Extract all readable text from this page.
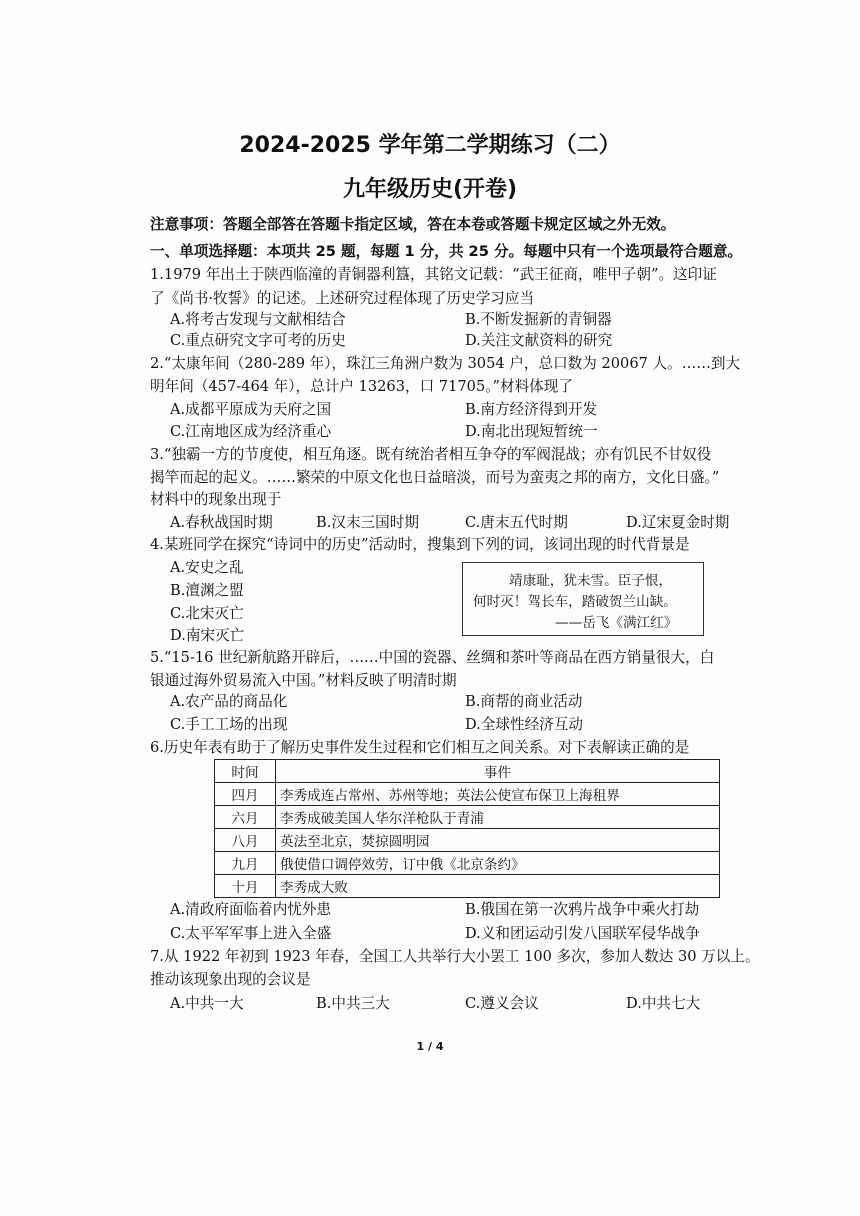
2024-2025 学年第二学期练习（二）
九年级历史(开卷)
注意事项：答题全部答在答题卡指定区域，答在本卷或答题卡规定区域之外无效。
一、单项选择题：本项共 25 题，每题 1 分，共 25 分。每题中只有一个选项最符合题意。
1.1979 年出土于陕西临潼的青铜器利簋，其铭文记载：“武王征商，唯甲子朝”。这印证
了《尚书·牧誓》的记述。上述研究过程体现了历史学习应当
A.将考古发现与文献相结合	B.不断发掘新的青铜器
C.重点研究文字可考的历史	D.关注文献资料的研究
2.“太康年间（280-289 年），珠江三角洲户数为 3054 户，总口数为 20067 人。……到大
明年间（457-464 年），总计户 13263，口 71705。”材料体现了
A.成都平原成为天府之国	B.南方经济得到开发
C.江南地区成为经济重心	D.南北出现短暂统一
3.“独霸一方的节度使，相互角逐。既有统治者相互争夺的军阀混战；亦有饥民不甘奴役
揭竿而起的起义。……繁荣的中原文化也日益暗淡，而号为蛮夷之邦的南方，文化日盛。”
材料中的现象出现于
A.春秋战国时期	B.汉末三国时期	C.唐末五代时期	D.辽宋夏金时期
4.某班同学在探究“诗词中的历史”活动时，搜集到下列的词，该词出现的时代背景是
A.安史之乱
B.澶渊之盟
C.北宋灭亡
D.南宋灭亡
靖康耻，犹未雪。臣子恨，
何时灭！驾长车，踏破贺兰山缺。
——岳飞《满江红》
5.“15-16 世纪新航路开辟后，……中国的瓷器、丝绸和茶叶等商品在西方销量很大，白
银通过海外贸易流入中国。”材料反映了明清时期
A.农产品的商品化	B.商帮的商业活动
C.手工工场的出现	D.全球性经济互动
6.历史年表有助于了解历史事件发生过程和它们相互之间关系。对下表解读正确的是
时间	事件
四月	李秀成连占常州、苏州等地；英法公使宣布保卫上海租界
六月	李秀成破美国人华尔洋枪队于青浦
八月	英法至北京，焚掠圆明园
九月	俄使借口调停效劳，订中俄《北京条约》
十月	李秀成大败
A.清政府面临着内忧外患	B.俄国在第一次鸦片战争中乘火打劫
C.太平军军事上进入全盛	D.义和团运动引发八国联军侵华战争
7.从 1922 年初到 1923 年春，全国工人共举行大小罢工 100 多次，参加人数达 30 万以上。
推动该现象出现的会议是
A.中共一大	B.中共三大	C.遵义会议	D.中共七大
1 / 4
